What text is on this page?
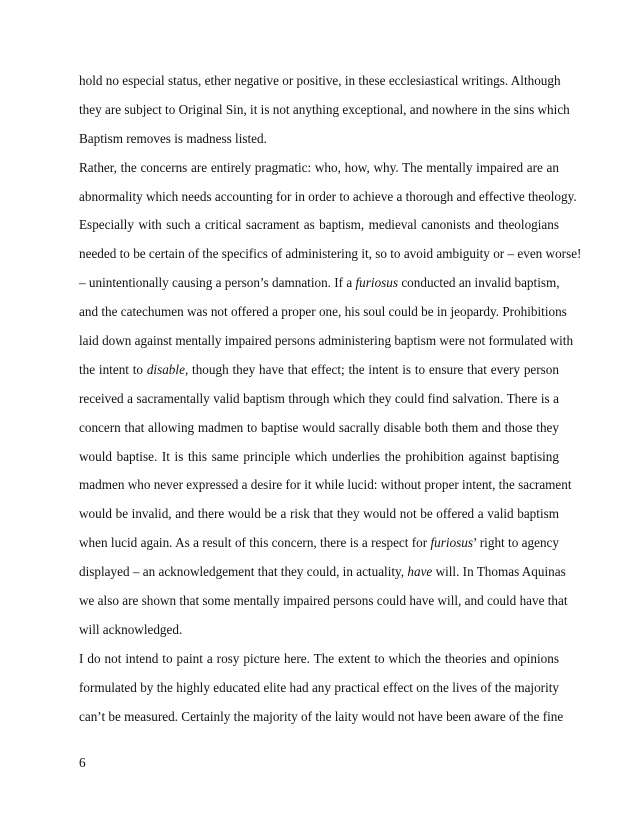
hold no especial status, ether negative or positive, in these ecclesiastical writings. Although
they are subject to Original Sin, it is not anything exceptional, and nowhere in the sins which
Baptism removes is madness listed.
Rather, the concerns are entirely pragmatic: who, how, why. The mentally impaired are an
abnormality which needs accounting for in order to achieve a thorough and effective theology.
Especially with such a critical sacrament as baptism, medieval canonists and theologians
needed to be certain of the specifics of administering it, so to avoid ambiguity or – even worse!
– unintentionally causing a person’s damnation. If a furiosus conducted an invalid baptism,
and the catechumen was not offered a proper one, his soul could be in jeopardy. Prohibitions
laid down against mentally impaired persons administering baptism were not formulated with
the intent to disable, though they have that effect; the intent is to ensure that every person
received a sacramentally valid baptism through which they could find salvation. There is a
concern that allowing madmen to baptise would sacrally disable both them and those they
would baptise. It is this same principle which underlies the prohibition against baptising
madmen who never expressed a desire for it while lucid: without proper intent, the sacrament
would be invalid, and there would be a risk that they would not be offered a valid baptism
when lucid again. As a result of this concern, there is a respect for furiosus’ right to agency
displayed – an acknowledgement that they could, in actuality, have will. In Thomas Aquinas
we also are shown that some mentally impaired persons could have will, and could have that
will acknowledged.
I do not intend to paint a rosy picture here. The extent to which the theories and opinions
formulated by the highly educated elite had any practical effect on the lives of the majority
can’t be measured. Certainly the majority of the laity would not have been aware of the fine
6
